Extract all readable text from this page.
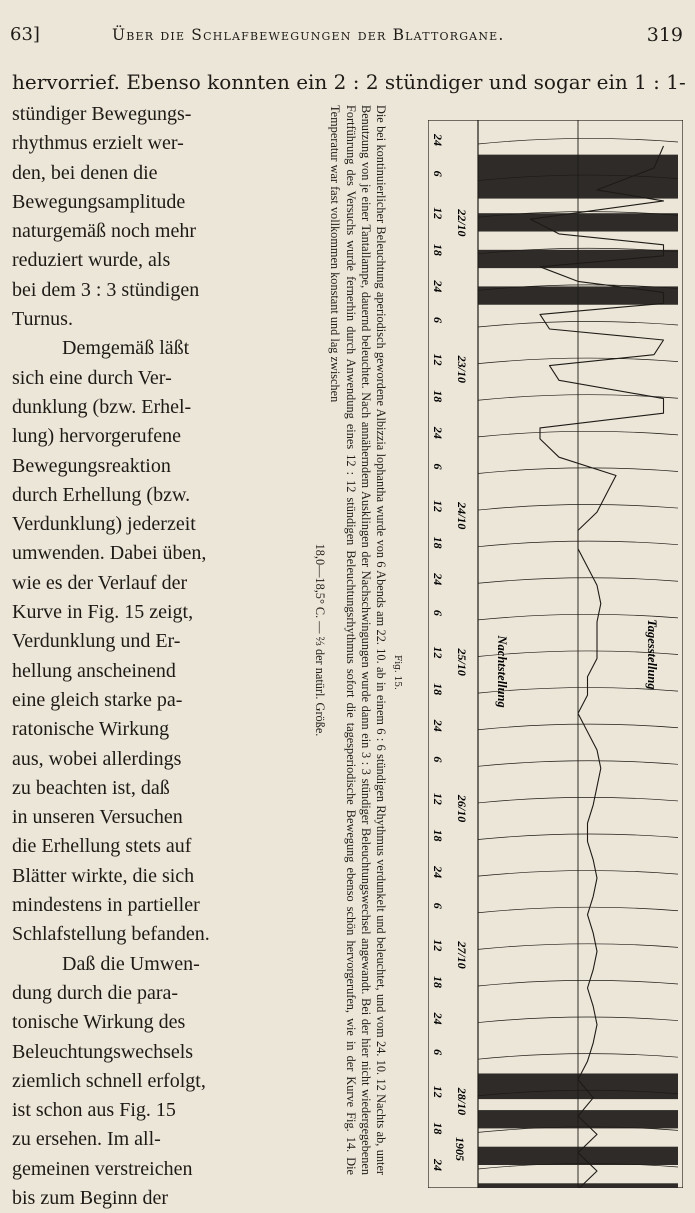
63]	Über die Schlafbewegungen der Blattorgane.	319
hervorrief. Ebenso konnten ein 2 : 2 stündiger und sogar ein 1 : 1-
stündiger Bewegungs-
rhythmus erzielt wer-
den, bei denen die
Bewegungsamplitude
naturgemäß noch mehr
reduziert wurde, als
bei dem 3 : 3 stündigen
Turnus.
Demgemäß läßt
sich eine durch Ver-
dunklung (bzw. Erhel-
lung) hervorgerufene
Bewegungsreaktion
durch Erhellung (bzw.
Verdunklung) jederzeit
umwenden. Dabei üben,
wie es der Verlauf der
Kurve in Fig. 15 zeigt,
Verdunklung und Er-
hellung anscheinend
eine gleich starke pa-
ratonische Wirkung
aus, wobei allerdings
zu beachten ist, daß
in unseren Versuchen
die Erhellung stets auf
Blätter wirkte, die sich
mindestens in partieller
Schlafstellung befanden.
Daß die Umwen-
dung durch die para-
tonische Wirkung des
Beleuchtungswechsels
ziemlich schnell erfolgt,
ist schon aus Fig. 15
zu ersehen. Im all-
gemeinen verstreichen
bis zum Beginn der

Die bei kontinuierlicher Beleuchtung aperiodisch gewordene Albizzia lophantha wurde von 6 Abends am 22. 10. ab in einem 6 : 6 stündigen Rhythmus verdunkelt und beleuchtet, und vom 24. 10. 12 Nachts ab, unter Benutzung von je einer Tantallampe, dauernd beleuchtet. Nach annäherndem Ausklingen der Nachschwingungen wurde dann ein 3 : 3 stündiger Beleuchtungswechsel angewandt. Bei der hier nicht wiedergegebenen Fortführung des Versuchs wurde fernerhin durch Anwendung eines 12 : 12 stündigen Beleuchtungsrhythmus sofort die tagesperiodische Bewegung ebenso schön hervorgerufen, wie in der Kurve Fig. 14. Die Temperatur war fast vollkommen konstant und lag zwischen

18,0—18,5° C. — ⅔ der natürl. Größe.	Fig. 15.
24
6
12
18
24
6
12
18
24
6
12
18
24
6
12
18
24
6
12
18
24
6
12
18
24
6
12
18
24
22/10
23/10
24/10
25/10
26/10
27/10
28/10
1905
Tagesstellung
Nachtstellung
